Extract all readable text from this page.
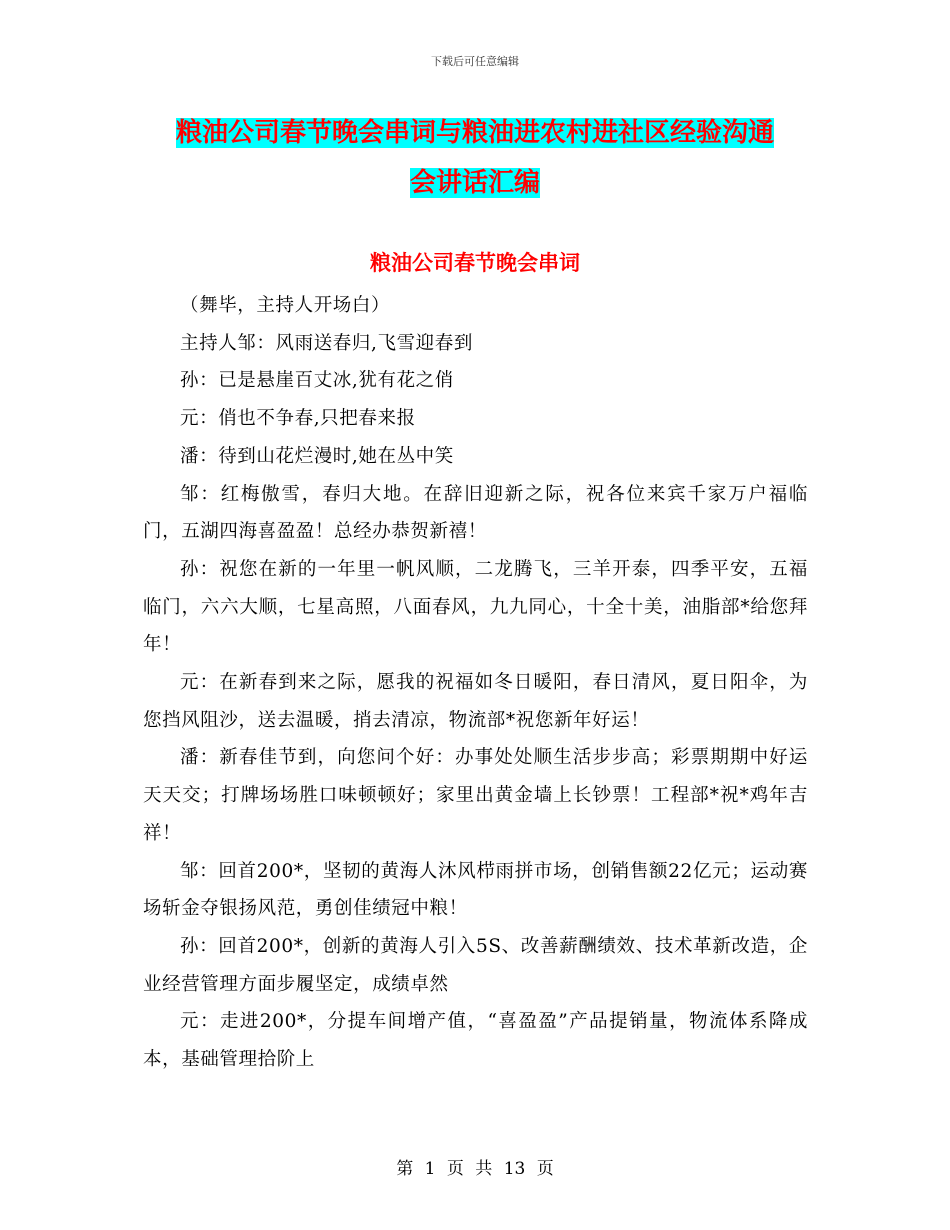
下载后可任意编辑
粮油公司春节晚会串词与粮油进农村进社区经验沟通
会讲话汇编
粮油公司春节晚会串词

（舞毕，主持人开场白）

主持人邹：风雨送春归,飞雪迎春到

孙：已是悬崖百丈冰,犹有花之俏

元：俏也不争春,只把春来报

潘：待到山花烂漫时,她在丛中笑

邹：红梅傲雪，春归大地。在辞旧迎新之际，祝各位来宾千家万户福临门，五湖四海喜盈盈！总经办恭贺新禧！

孙：祝您在新的一年里一帆风顺，二龙腾飞，三羊开泰，四季平安，五福临门，六六大顺，七星高照，八面春风，九九同心，十全十美，油脂部*给您拜年！

元：在新春到来之际，愿我的祝福如冬日暖阳，春日清风，夏日阳伞，为您挡风阻沙，送去温暖，捎去清凉，物流部*祝您新年好运！

潘：新春佳节到，向您问个好：办事处处顺生活步步高；彩票期期中好运天天交；打牌场场胜口味顿顿好；家里出黄金墙上长钞票！工程部*祝*鸡年吉祥！

邹：回首200*，坚韧的黄海人沐风栉雨拼市场，创销售额22亿元；运动赛场斩金夺银扬风范，勇创佳绩冠中粮！

孙：回首200*，创新的黄海人引入5S、改善薪酬绩效、技术革新改造，企业经营管理方面步履坚定，成绩卓然

元：走进200*，分提车间增产值，“喜盈盈”产品提销量，物流体系降成本，基础管理拾阶上

第 1 页 共 13 页
